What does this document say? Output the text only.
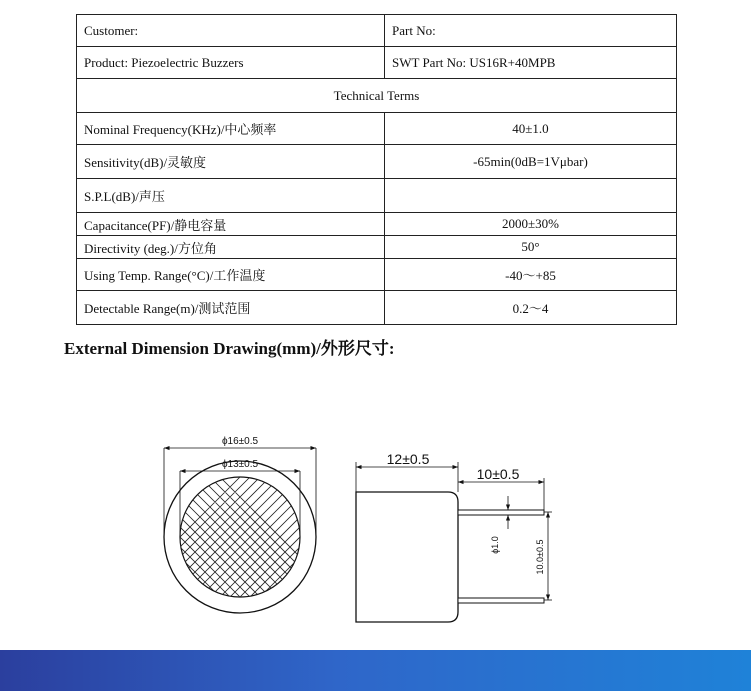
Customer:	Part No:
Product: Piezoelectric Buzzers	SWT Part No: US16R+40MPB
Technical Terms	
Nominal Frequency(KHz)/中心频率	40±1.0
Sensitivity(dB)/灵敏度	-65min(0dB=1Vμbar)
S.P.L(dB)/声压	
Capacitance(PF)/静电容量	2000±30%
Directivity (deg.)/方位角	50°
Using Temp. Range(°C)/工作温度	-40～+85
Detectable Range(m)/测试范围	0.2～4
External Dimension Drawing(mm)/外形尺寸:
ϕ16±0.5
ϕ13±0.5	12±0.5
10±0.5
ϕ1.0	10.0±0.5
